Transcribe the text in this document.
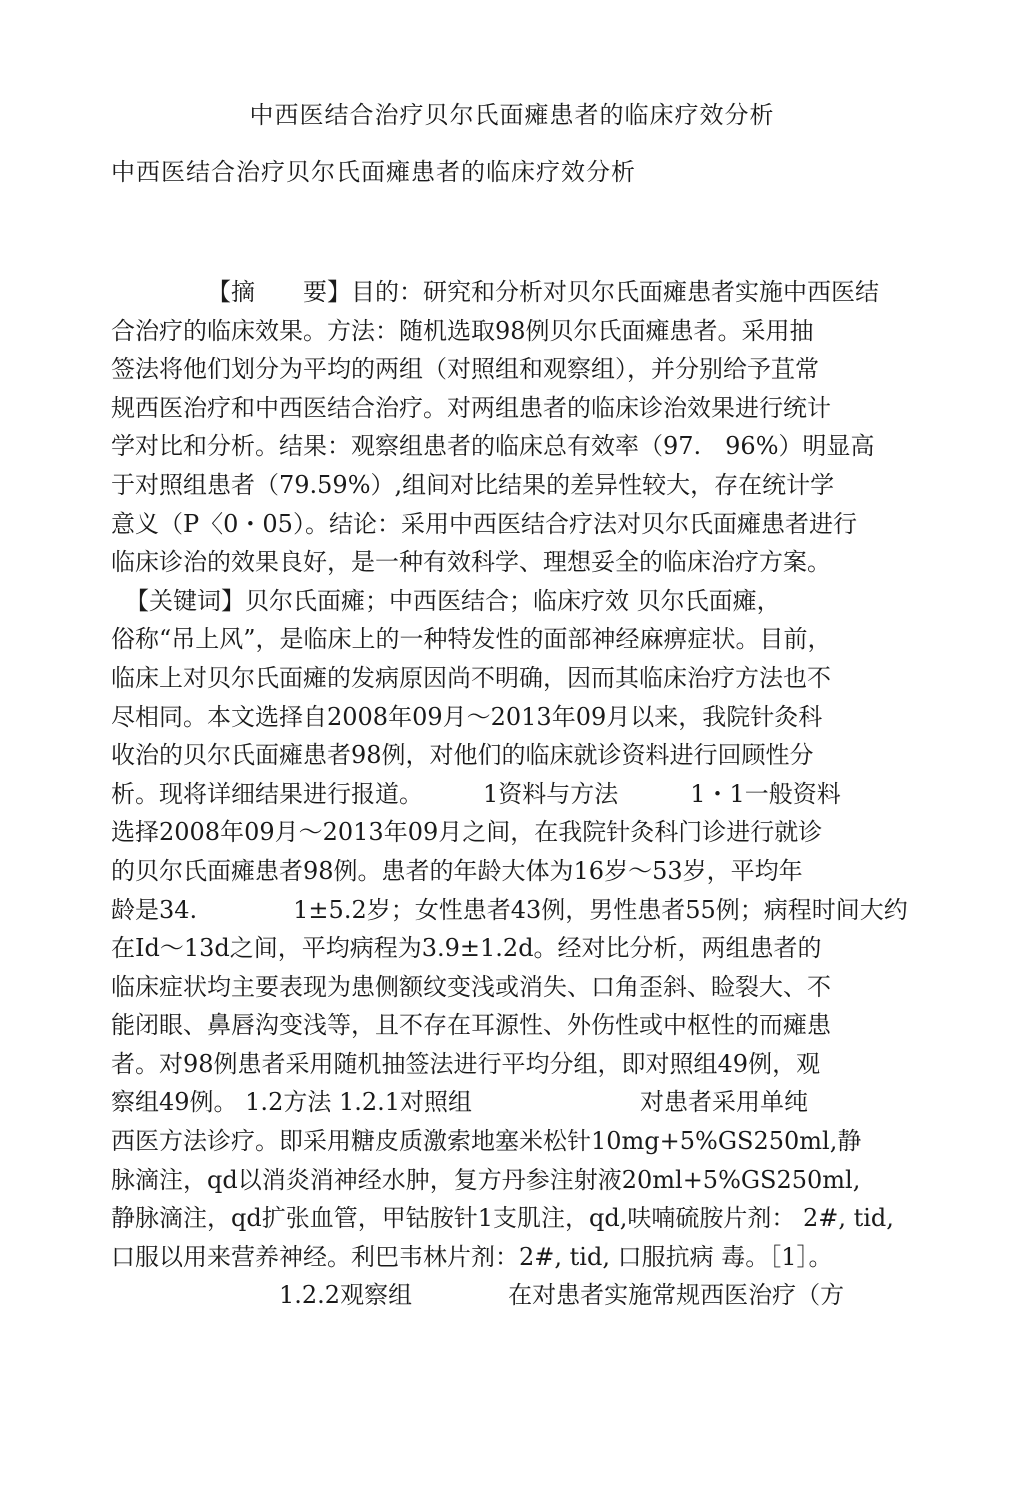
中西医结合治疗贝尔氏面瘫患者的临床疗效分析
中西医结合治疗贝尔氏面瘫患者的临床疗效分析
【摘　　要】目的：研究和分析对贝尔氏面瘫患者实施中西医结
合治疗的临床效果。方法：随机选取98例贝尔氏面瘫患者。采用抽
签法将他们划分为平均的两组（对照组和观察组），并分别给予苴常
规西医治疗和中西医结合治疗。对两组患者的临床诊治效果进行统计
学对比和分析。结果：观察组患者的临床总有效率（97.　96%）明显高
于对照组患者（79.59%）,组间对比结果的差异性较大，存在统计学
意义（P〈0・05）。结论：采用中西医结合疗法对贝尔氏面瘫患者进行
临床诊治的效果良好，是一种有效科学、理想妥全的临床治疗方案。
【关键词】贝尔氏面瘫；中西医结合；临床疗效 贝尔氏面瘫，
俗称“吊上风”，是临床上的一种特发性的面部神经麻痹症状。目前，
临床上对贝尔氏面瘫的发病原因尚不明确，因而其临床治疗方法也不
尽相同。本文选择自2008年09月～2013年09月以来，我院针灸科
收治的贝尔氏面瘫患者98例，对他们的临床就诊资料进行回顾性分
析。现将详细结果进行报道。　　　1资料与方法　　　1・1一般资料
选择2008年09月～2013年09月之间，在我院针灸科门诊进行就诊
的贝尔氏面瘫患者98例。患者的年龄大体为16岁～53岁，平均年
龄是34.　　　　1±5.2岁；女性患者43例，男性患者55例；病程时间大约
在Id～13d之间，平均病程为3.9±1.2d。经对比分析，两组患者的
临床症状均主要表现为患侧额纹变浅或消失、口角歪斜、睑裂大、不
能闭眼、鼻唇沟变浅等，且不存在耳源性、外伤性或中枢性的而瘫患
者。对98例患者采用随机抽签法进行平均分组，即对照组49例，观
察组49例。 1.2方法 1.2.1对照组　　　　　　　对患者采用单纯
西医方法诊疗。即采用糖皮质激索地塞米松针10mg+5%GS250ml,静
脉滴注，qd以消炎消神经水肿，复方丹参注射液20ml+5%GS250ml,
静脉滴注，qd扩张血管，甲钴胺针1支肌注，qd,呋喃硫胺片剂： 2#, tid,
口服以用来营养神经。利巴韦林片剂：2#, tid, 口服抗病 毒。［1］。
　　　　　　　1.2.2观察组　　　　在对患者实施常规西医治疗（方
